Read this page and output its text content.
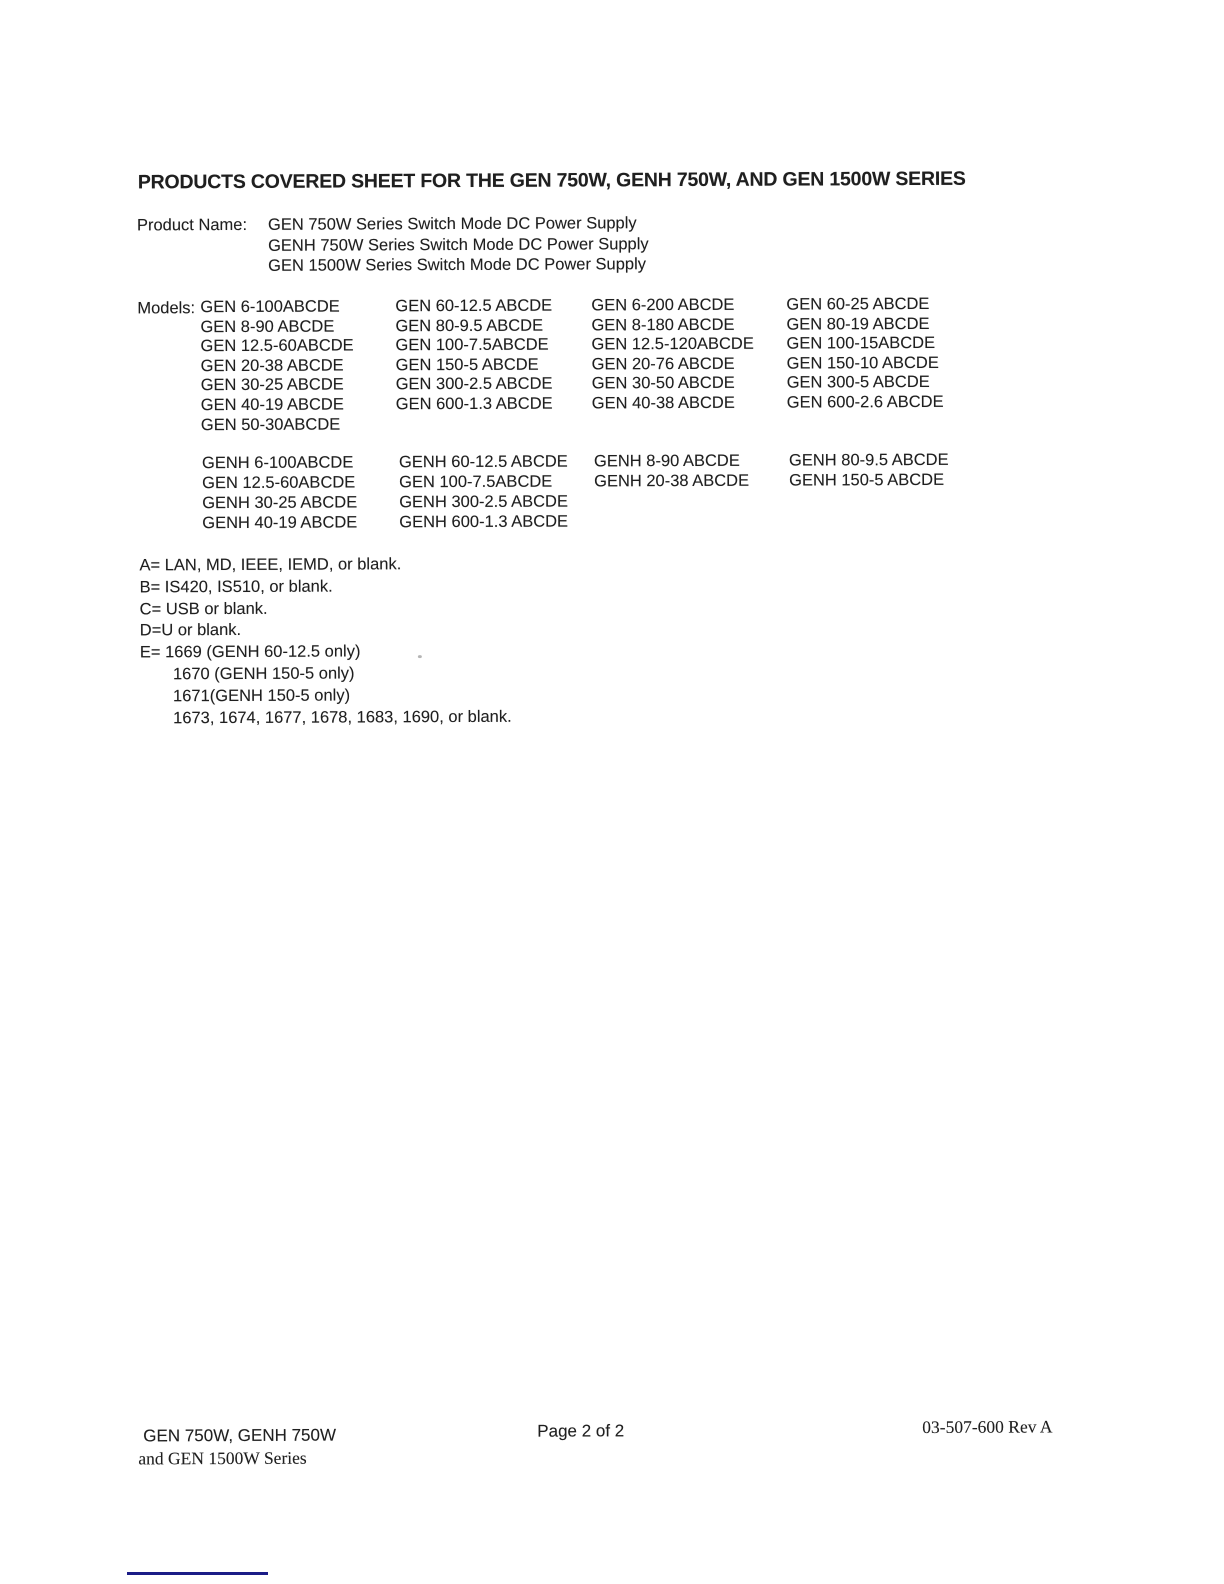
PRODUCTS COVERED SHEET FOR THE GEN 750W, GENH 750W, AND GEN 1500W SERIES
Product Name: GEN 750W Series Switch Mode DC Power Supply
GENH 750W Series Switch Mode DC Power Supply
GEN 1500W Series Switch Mode DC Power Supply
Models: GEN 6-100ABCDE
GEN 8-90 ABCDE
GEN 12.5-60ABCDE
GEN 20-38 ABCDE
GEN 30-25 ABCDE
GEN 40-19 ABCDE
GEN 50-30ABCDE
GEN 60-12.5 ABCDE
GEN 80-9.5 ABCDE
GEN 100-7.5ABCDE
GEN 150-5 ABCDE
GEN 300-2.5 ABCDE
GEN 600-1.3 ABCDE
GEN 6-200 ABCDE
GEN 8-180 ABCDE
GEN 12.5-120ABCDE
GEN 20-76 ABCDE
GEN 30-50 ABCDE
GEN 40-38 ABCDE
GEN 60-25 ABCDE
GEN 80-19 ABCDE
GEN 100-15ABCDE
GEN 150-10 ABCDE
GEN 300-5 ABCDE
GEN 600-2.6 ABCDE
GENH 6-100ABCDE
GEN 12.5-60ABCDE
GENH 30-25 ABCDE
GENH 40-19 ABCDE
GENH 60-12.5 ABCDE
GEN 100-7.5ABCDE
GENH 300-2.5 ABCDE
GENH 600-1.3 ABCDE
GENH 8-90 ABCDE
GENH 20-38 ABCDE
GENH 80-9.5 ABCDE
GENH 150-5 ABCDE
A= LAN, MD, IEEE, IEMD, or blank.
B= IS420, IS510, or blank.
C= USB or blank.
D=U or blank.
E= 1669 (GENH 60-12.5 only)
1670 (GENH 150-5 only)
1671(GENH 150-5 only)
1673, 1674, 1677, 1678, 1683, 1690, or blank.
GEN 750W, GENH 750W
and GEN 1500W Series
Page 2 of 2	03-507-600 Rev A
